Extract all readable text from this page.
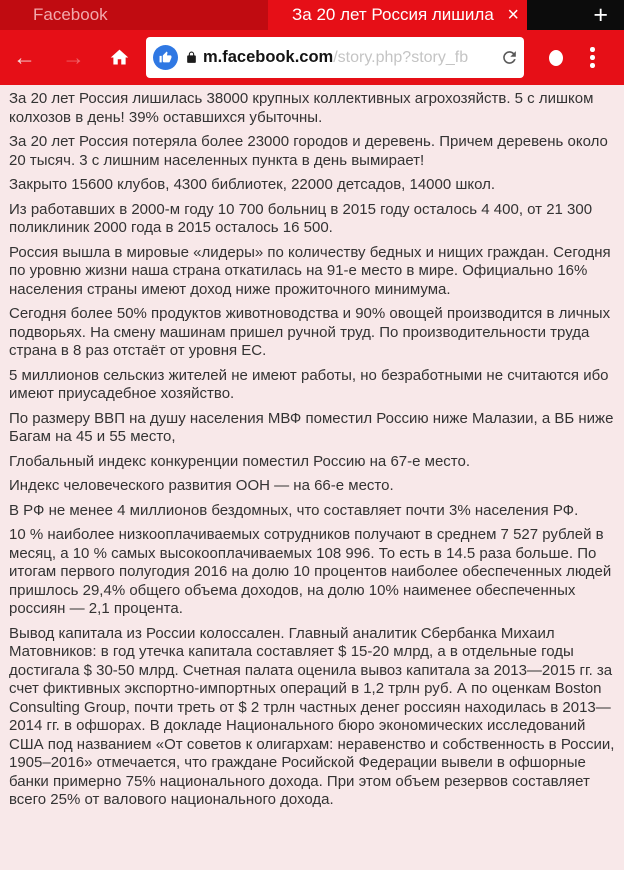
Facebook	За 20 лет Россия лишила ×	+
← →	m.facebook.com /story.php?story_fb

За 20 лет Россия лишилась 38000 крупных коллективных агрохозяйств. 5 с лишком колхозов в день! 39% оставшихся убыточны.

За 20 лет Россия потеряла более 23000 городов и деревень. Причем деревень около 20 тысяч. 3 с лишним населенных пункта в день вымирает!

Закрыто 15600 клубов, 4300 библиотек, 22000 детсадов, 14000 школ.

Из работавших в 2000-м году 10 700 больниц в 2015 году осталось 4 400, от 21 300 поликлиник 2000 года в 2015 осталось 16 500.

Россия вышла в мировые «лидеры» по количеству бедных и нищих граждан. Сегодня по уровню жизни наша страна откатилась на 91-е место в мире. Официально 16% населения страны имеют доход ниже прожиточного минимума.

Сегодня более 50% продуктов животноводства и 90% овощей производится в личных подворьях. На смену машинам пришел ручной труд. По производительности труда страна в 8 раз отстаёт от уровня ЕС.

5 миллионов сельскиз жителей не имеют работы, но безработными не считаются ибо имеют приусадебное хозяйство.

По размеру ВВП на душу населения МВФ поместил Россию ниже Малазии, а ВБ ниже Багам на 45 и 55 место,

Глобальный индекс конкуренции поместил Россию на 67-е место.

Индекс человеческого развития ООН — на 66-е место.

В РФ не менее 4 миллионов бездомных, что составляет почти 3% населения РФ.

10 % наиболее низкооплачиваемых сотрудников получают в среднем 7 527 рублей в месяц, а 10 % самых высокооплачиваемых 108 996. То есть в 14.5 раза больше. По итогам первого полугодия 2016 на долю 10 процентов наиболее обеспеченных людей пришлось 29,4% общего объема доходов, на долю 10% наименее обеспеченных россиян — 2,1 процента.

Вывод капитала из России колоссален. Главный аналитик Сбербанка Михаил Матовников: в год утечка капитала составляет $ 15-20 млрд, а в отдельные годы достигала $ 30-50 млрд. Счетная палата оценила вывоз капитала за 2013—2015 гг. за счет фиктивных экспортно-импортных операций в 1,2 трлн руб. А по оценкам Boston Consulting Group, почти треть от $ 2 трлн частных денег россиян находилась в 2013—2014 гг. в офшорах. В докладе Национального бюро экономических исследований США под названием «От советов к олигархам: неравенство и собственность в России, 1905–2016» отмечается, что граждане Росийской Федерации вывели в офшорные банки примерно 75% национального дохода. При этом объем резервов составляет всего 25% от валового национального дохода.
